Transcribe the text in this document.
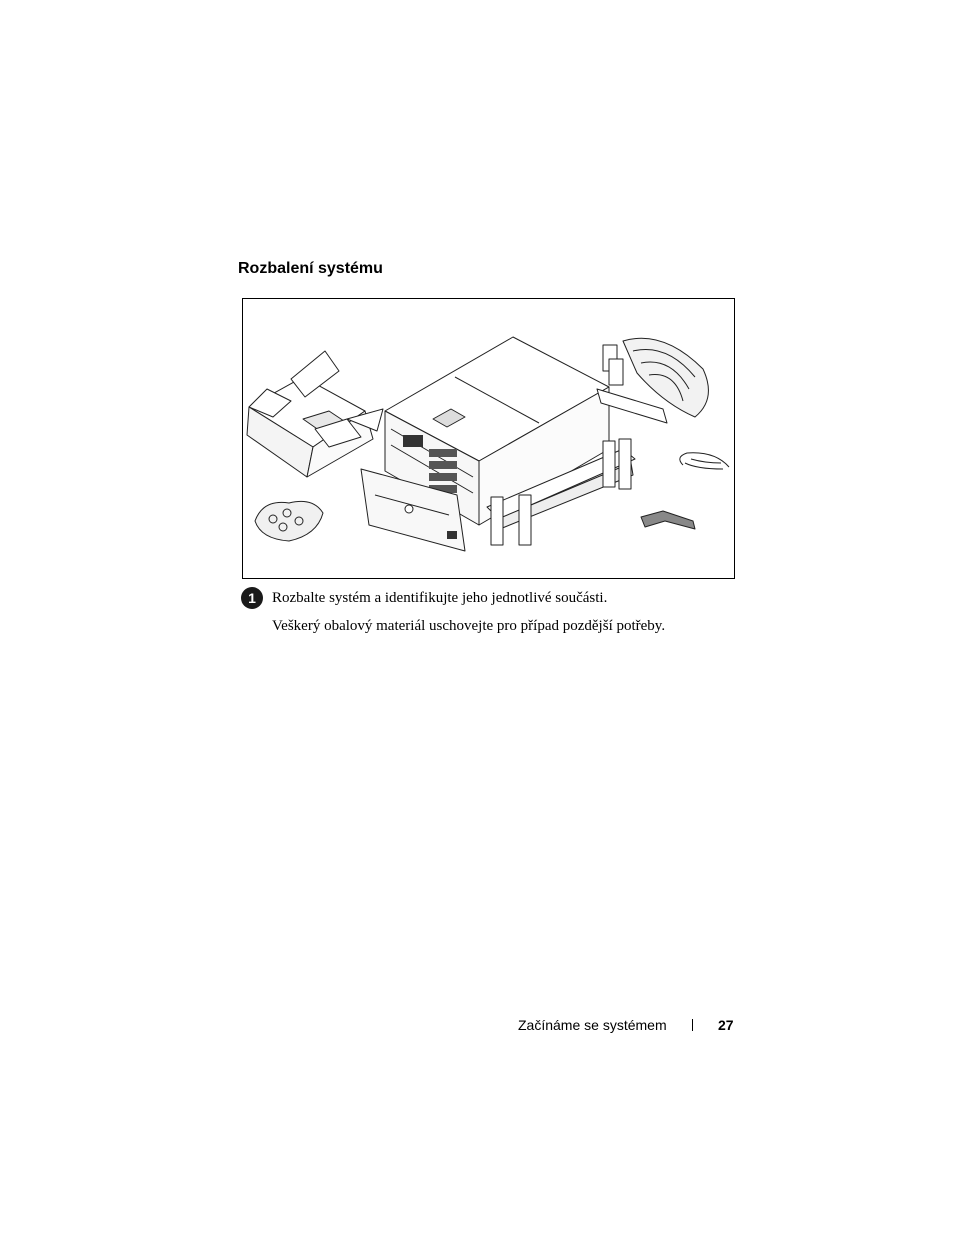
Rozbalení systému
1	Rozbalte systém a identifikujte jeho jednotlivé součásti.
Veškerý obalový materiál uschovejte pro případ pozdější potřeby.
Začínáme se systémem	27
